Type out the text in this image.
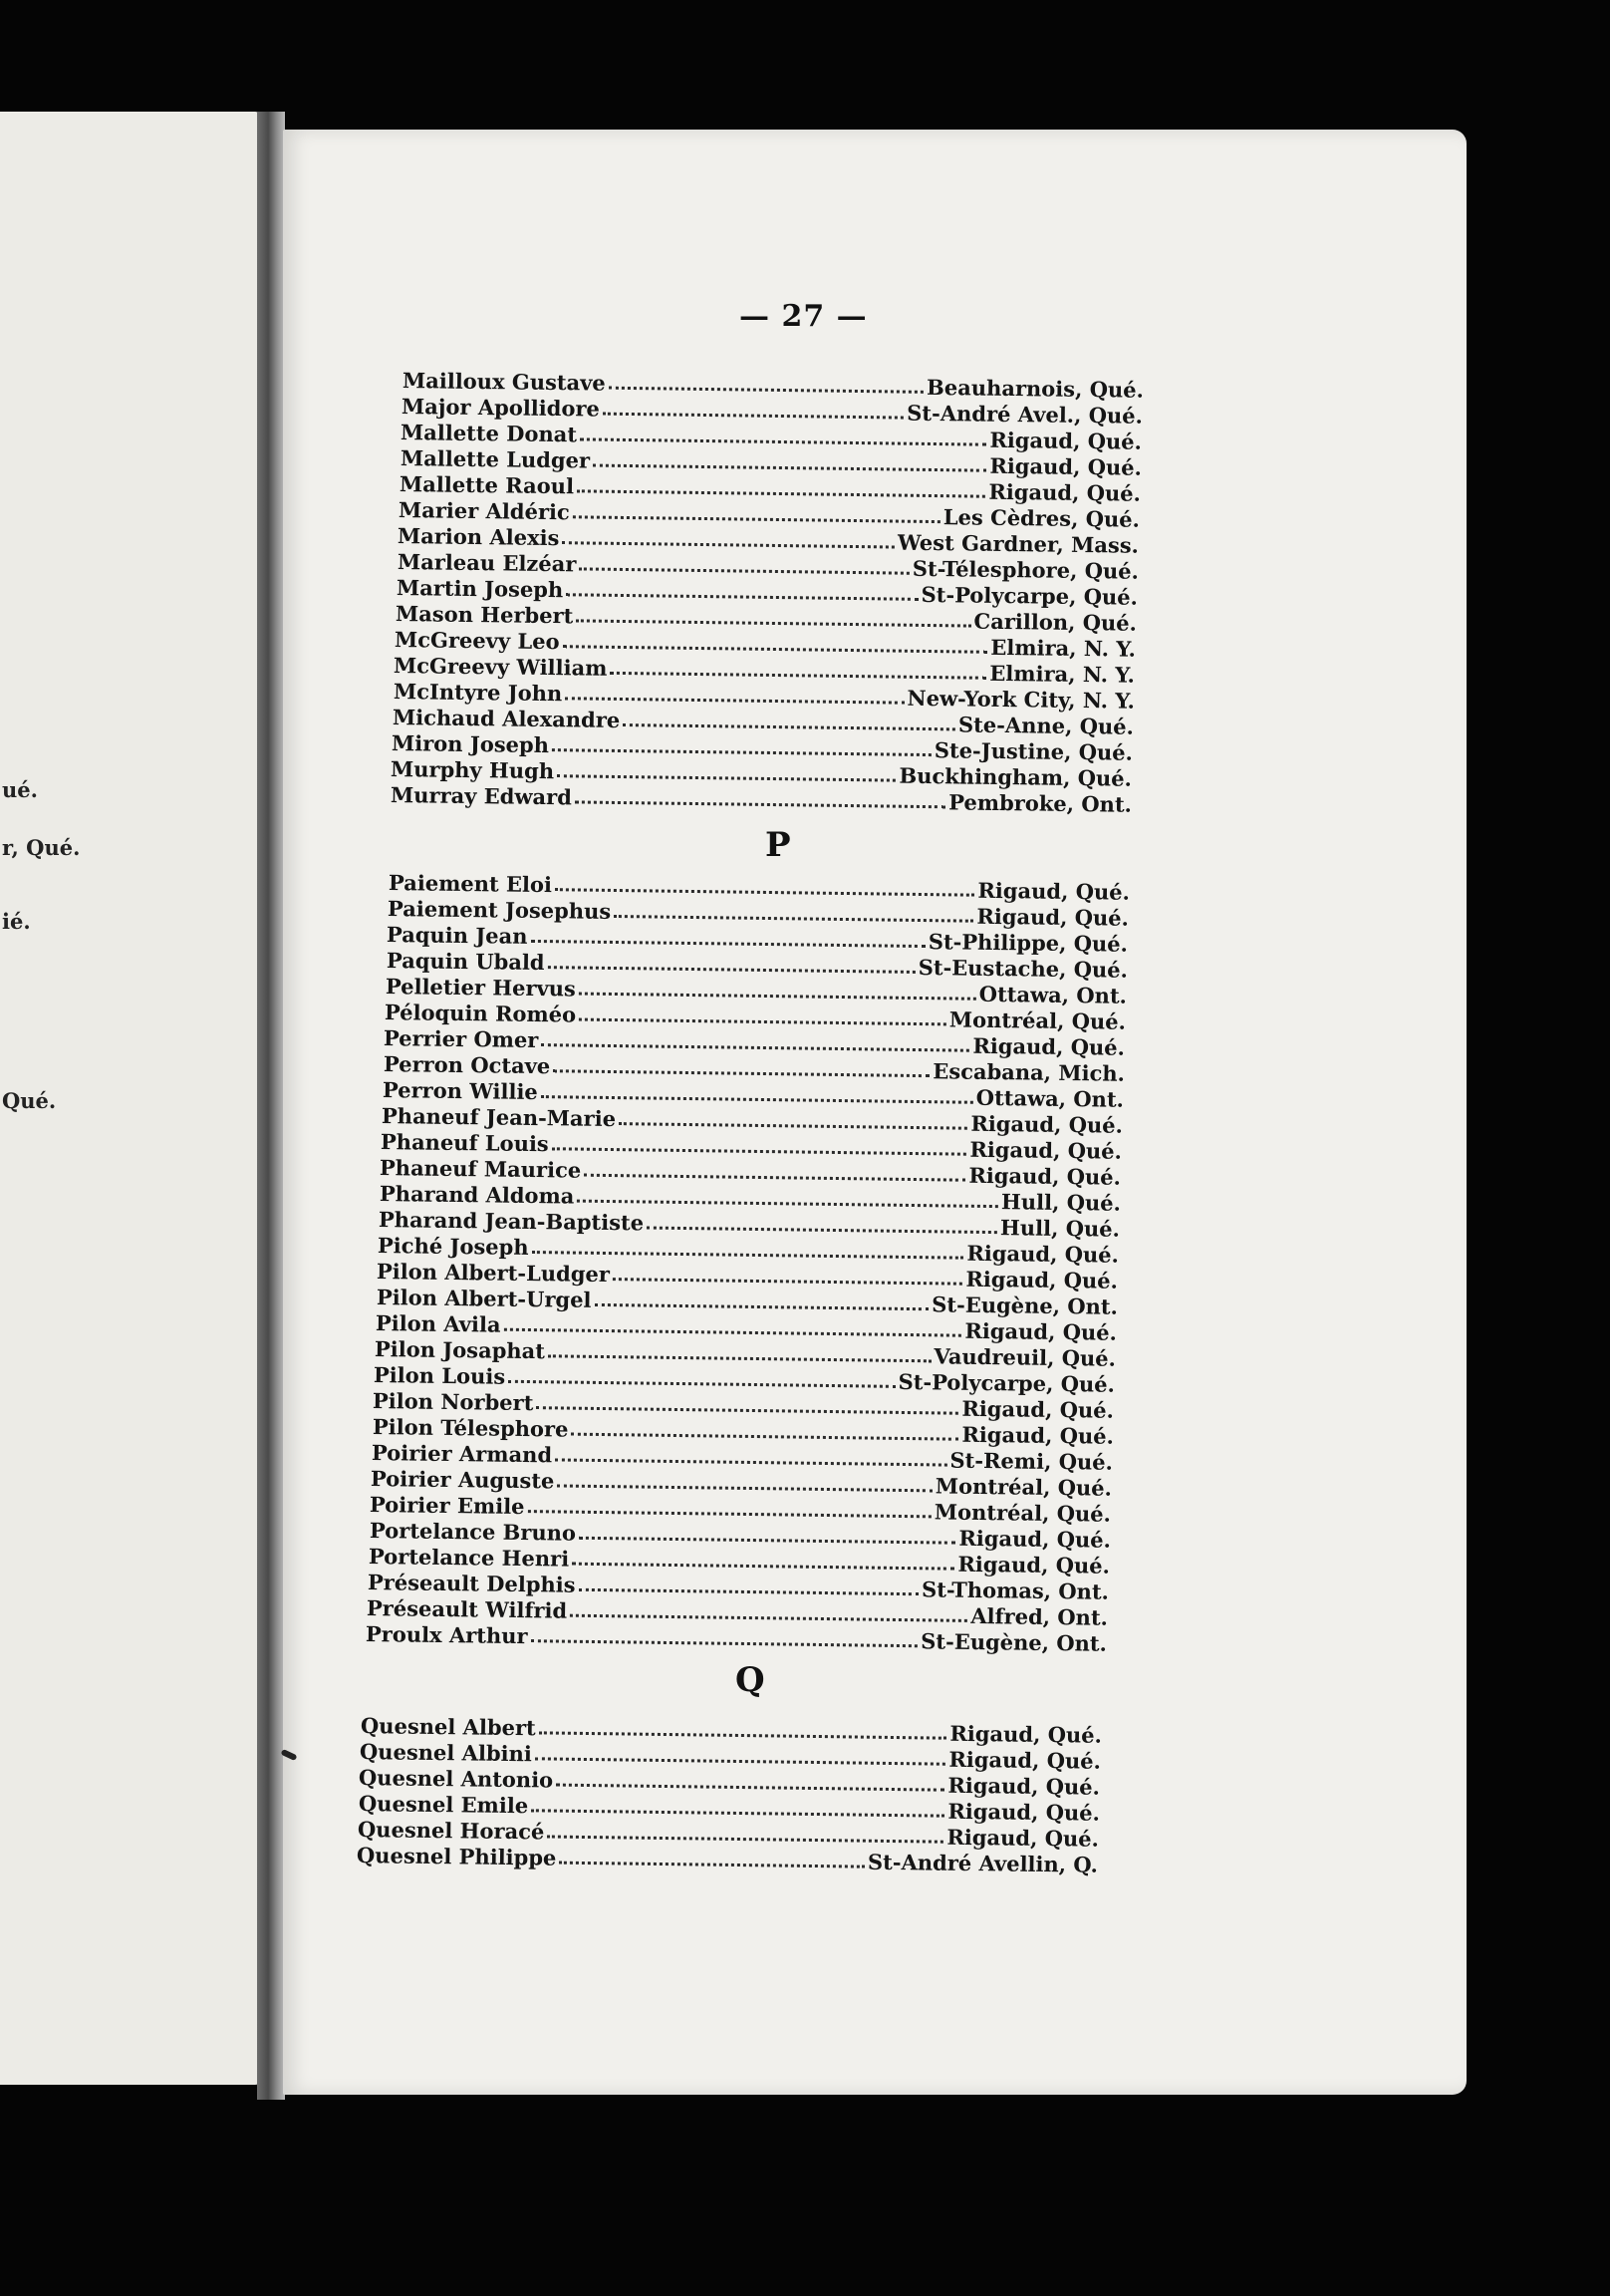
ué.
r, Qué.
ié.
Qué.
— 27 —
Mailloux Gustave	Beauharnois, Qué.
Major Apollidore	St-André Avel., Qué.
Mallette Donat	Rigaud, Qué.
Mallette Ludger	Rigaud, Qué.
Mallette Raoul	Rigaud, Qué.
Marier Aldéric	Les Cèdres, Qué.
Marion Alexis	West Gardner, Mass.
Marleau Elzéar	St-Télesphore, Qué.
Martin Joseph	St-Polycarpe, Qué.
Mason Herbert	Carillon, Qué.
McGreevy Leo	Elmira, N. Y.
McGreevy William	Elmira, N. Y.
McIntyre John	New-York City, N. Y.
Michaud Alexandre	Ste-Anne, Qué.
Miron Joseph	Ste-Justine, Qué.
Murphy Hugh	Buckhingham, Qué.
Murray Edward	Pembroke, Ont.
P
Paiement Eloi	Rigaud, Qué.
Paiement Josephus	Rigaud, Qué.
Paquin Jean	St-Philippe, Qué.
Paquin Ubald	St-Eustache, Qué.
Pelletier Hervus	Ottawa, Ont.
Péloquin Roméo	Montréal, Qué.
Perrier Omer	Rigaud, Qué.
Perron Octave	Escabana, Mich.
Perron Willie	Ottawa, Ont.
Phaneuf Jean-Marie	Rigaud, Qué.
Phaneuf Louis	Rigaud, Qué.
Phaneuf Maurice	Rigaud, Qué.
Pharand Aldoma	Hull, Qué.
Pharand Jean-Baptiste	Hull, Qué.
Piché Joseph	Rigaud, Qué.
Pilon Albert-Ludger	Rigaud, Qué.
Pilon Albert-Urgel	St-Eugène, Ont.
Pilon Avila	Rigaud, Qué.
Pilon Josaphat	Vaudreuil, Qué.
Pilon Louis	St-Polycarpe, Qué.
Pilon Norbert	Rigaud, Qué.
Pilon Télesphore	Rigaud, Qué.
Poirier Armand	St-Remi, Qué.
Poirier Auguste	Montréal, Qué.
Poirier Emile	Montréal, Qué.
Portelance Bruno	Rigaud, Qué.
Portelance Henri	Rigaud, Qué.
Préseault Delphis	St-Thomas, Ont.
Préseault Wilfrid	Alfred, Ont.
Proulx Arthur	St-Eugène, Ont.
Q
Quesnel Albert	Rigaud, Qué.
Quesnel Albini	Rigaud, Qué.
Quesnel Antonio	Rigaud, Qué.
Quesnel Emile	Rigaud, Qué.
Quesnel Horacé	Rigaud, Qué.
Quesnel Philippe	St-André Avellin, Q.
